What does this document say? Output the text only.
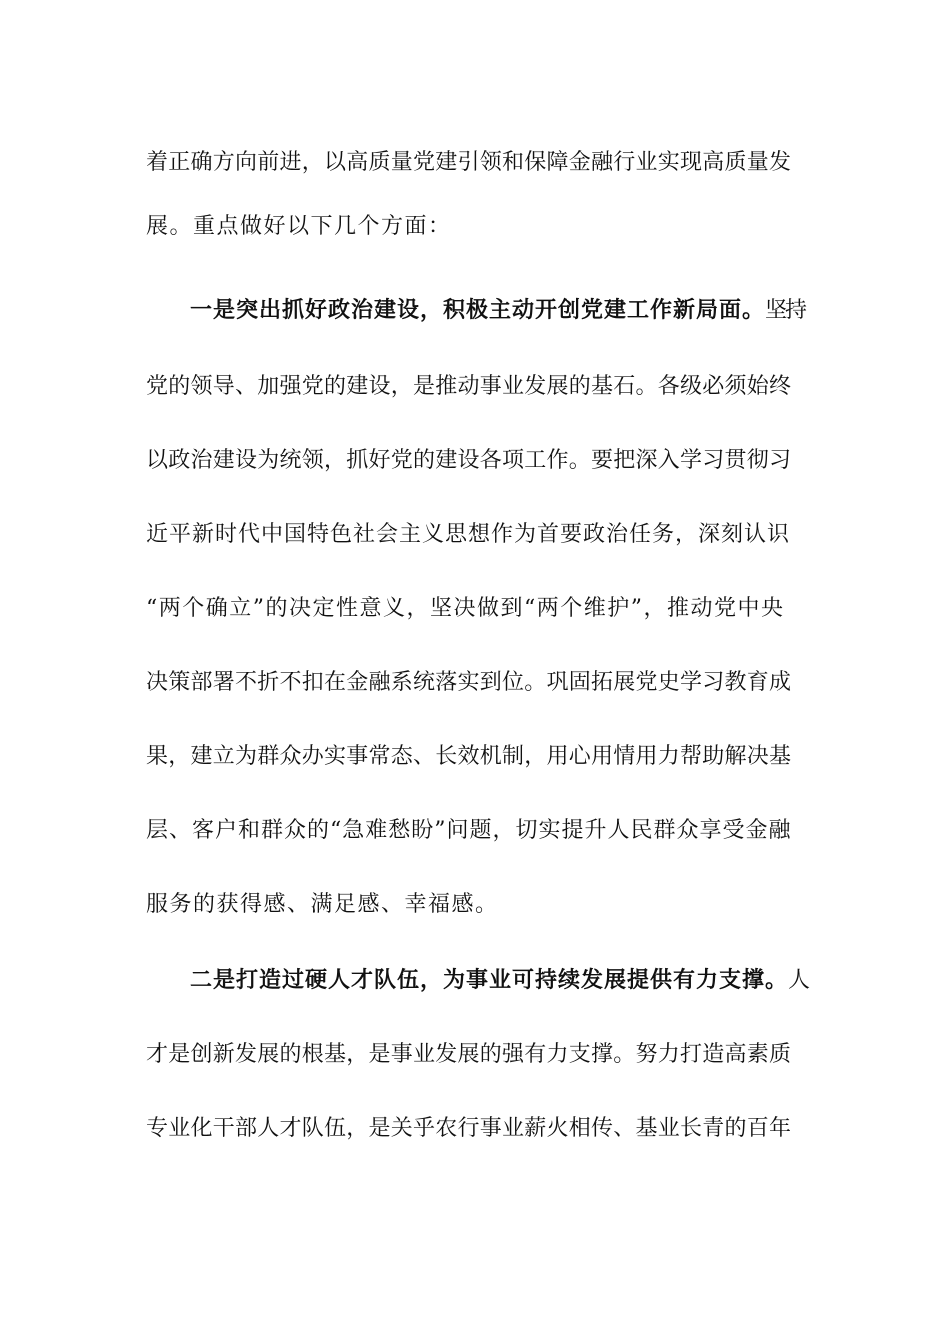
着正确方向前进，以高质量党建引领和保障金融行业实现高质量发
展。重点做好以下几个方面：
一是突出抓好政治建设，积极主动开创党建工作新局面。坚持
党的领导、加强党的建设，是推动事业发展的基石。各级必须始终
以政治建设为统领，抓好党的建设各项工作。要把深入学习贯彻习
近平新时代中国特色社会主义思想作为首要政治任务，深刻认识
“两个确立”的决定性意义，坚决做到“两个维护”，推动党中央
决策部署不折不扣在金融系统落实到位。巩固拓展党史学习教育成
果，建立为群众办实事常态、长效机制，用心用情用力帮助解决基
层、客户和群众的“急难愁盼”问题，切实提升人民群众享受金融
服务的获得感、满足感、幸福感。
二是打造过硬人才队伍，为事业可持续发展提供有力支撑。人
才是创新发展的根基，是事业发展的强有力支撑。努力打造高素质
专业化干部人才队伍，是关乎农行事业薪火相传、基业长青的百年
